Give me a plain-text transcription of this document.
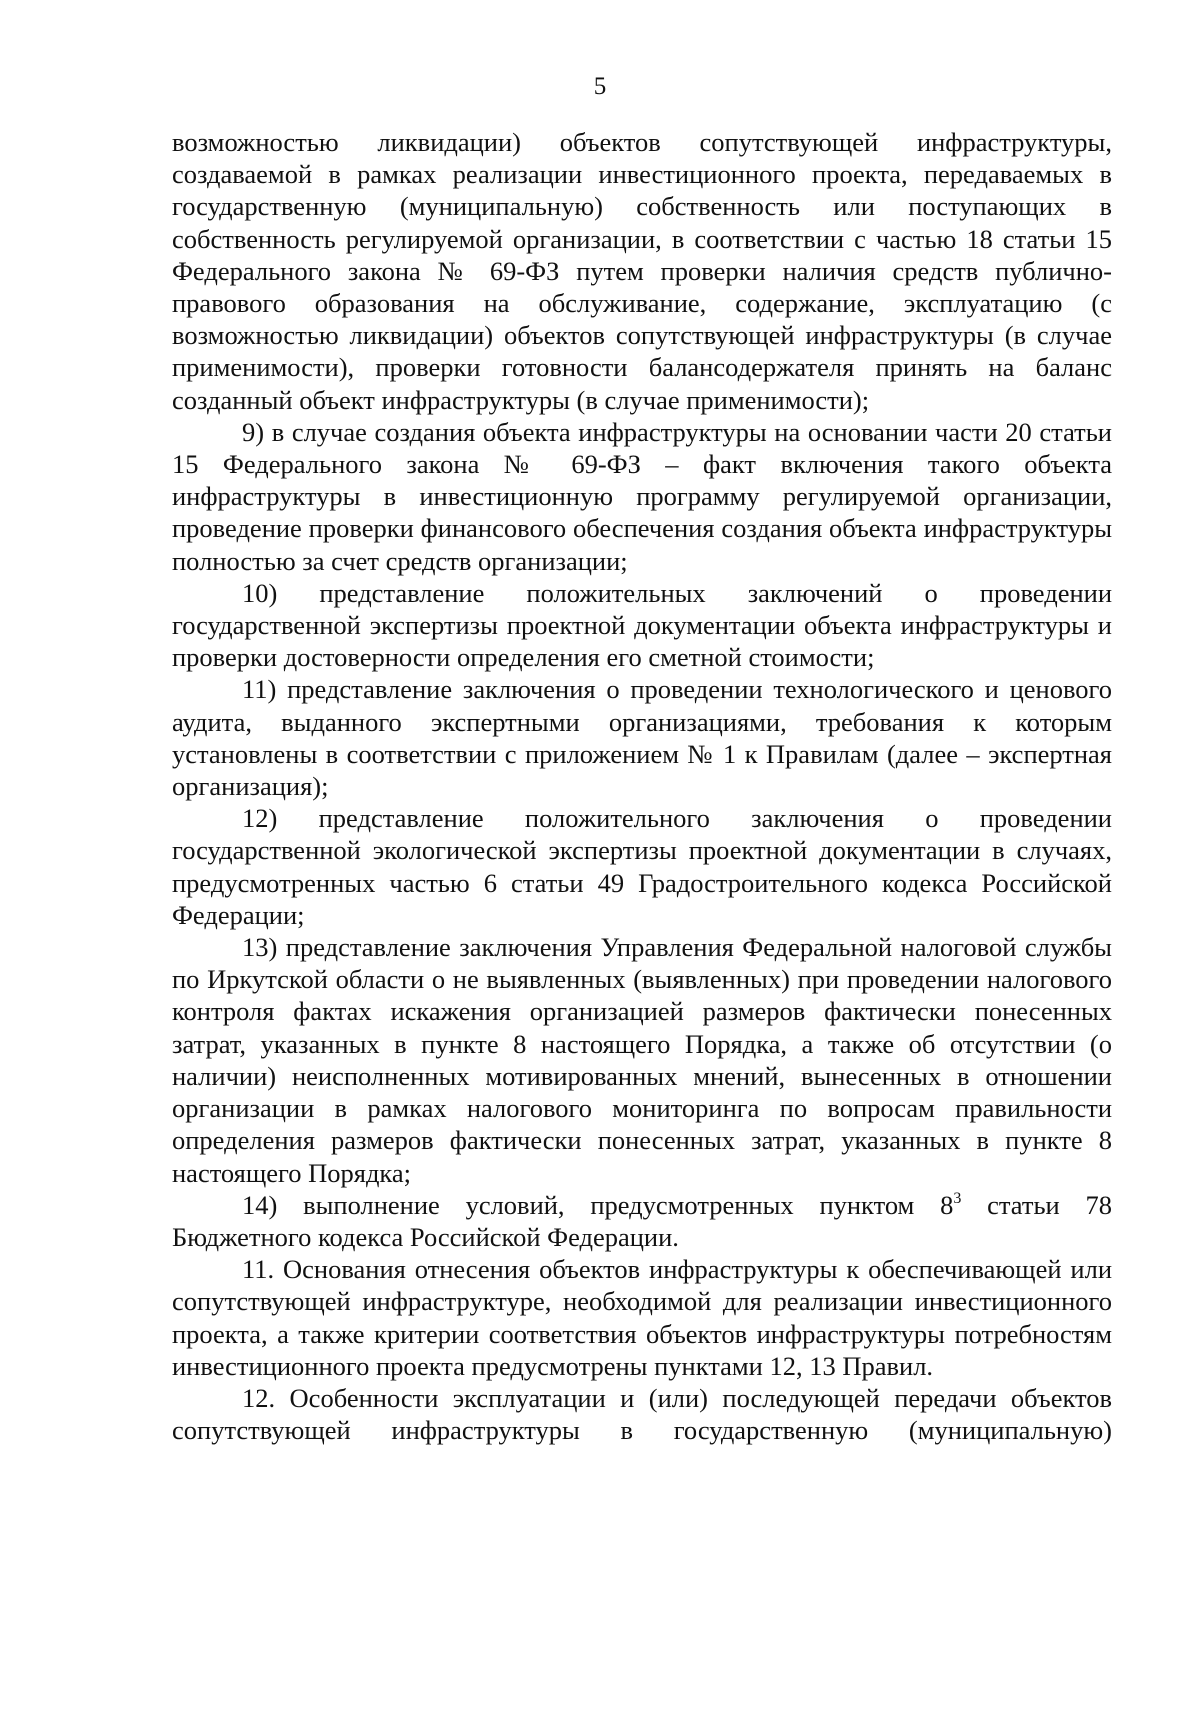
5

возможностью ликвидации) объектов сопутствующей инфраструктуры, создаваемой в рамках реализации инвестиционного проекта, передаваемых в государственную (муниципальную) собственность или поступающих в собственность регулируемой организации, в соответствии с частью 18 статьи 15 Федерального закона № 69-ФЗ путем проверки наличия средств публично-правового образования на обслуживание, содержание, эксплуатацию (с возможностью ликвидации) объектов сопутствующей инфраструктуры (в случае применимости), проверки готовности балансодержателя принять на баланс созданный объект инфраструктуры (в случае применимости);

9) в случае создания объекта инфраструктуры на основании части 20 статьи 15 Федерального закона № 69-ФЗ – факт включения такого объекта инфраструктуры в инвестиционную программу регулируемой организации, проведение проверки финансового обеспечения создания объекта инфраструктуры полностью за счет средств организации;

10) представление положительных заключений о проведении государственной экспертизы проектной документации объекта инфраструктуры и проверки достоверности определения его сметной стоимости;

11) представление заключения о проведении технологического и ценового аудита, выданного экспертными организациями, требования к которым установлены в соответствии с приложением № 1 к Правилам (далее – экспертная организация);

12) представление положительного заключения о проведении государственной экологической экспертизы проектной документации в случаях, предусмотренных частью 6 статьи 49 Градостроительного кодекса Российской Федерации;

13) представление заключения Управления Федеральной налоговой службы по Иркутской области о не выявленных (выявленных) при проведении налогового контроля фактах искажения организацией размеров фактически понесенных затрат, указанных в пункте 8 настоящего Порядка, а также об отсутствии (о наличии) неисполненных мотивированных мнений, вынесенных в отношении организации в рамках налогового мониторинга по вопросам правильности определения размеров фактически понесенных затрат, указанных в пункте 8 настоящего Порядка;

14) выполнение условий, предусмотренных пунктом $8^3$ статьи 78 Бюджетного кодекса Российской Федерации.

11. Основания отнесения объектов инфраструктуры к обеспечивающей или сопутствующей инфраструктуре, необходимой для реализации инвестиционного проекта, а также критерии соответствия объектов инфраструктуры потребностям инвестиционного проекта предусмотрены пунктами 12, 13 Правил.

12. Особенности эксплуатации и (или) последующей передачи объектов сопутствующей инфраструктуры в государственную (муниципальную)
